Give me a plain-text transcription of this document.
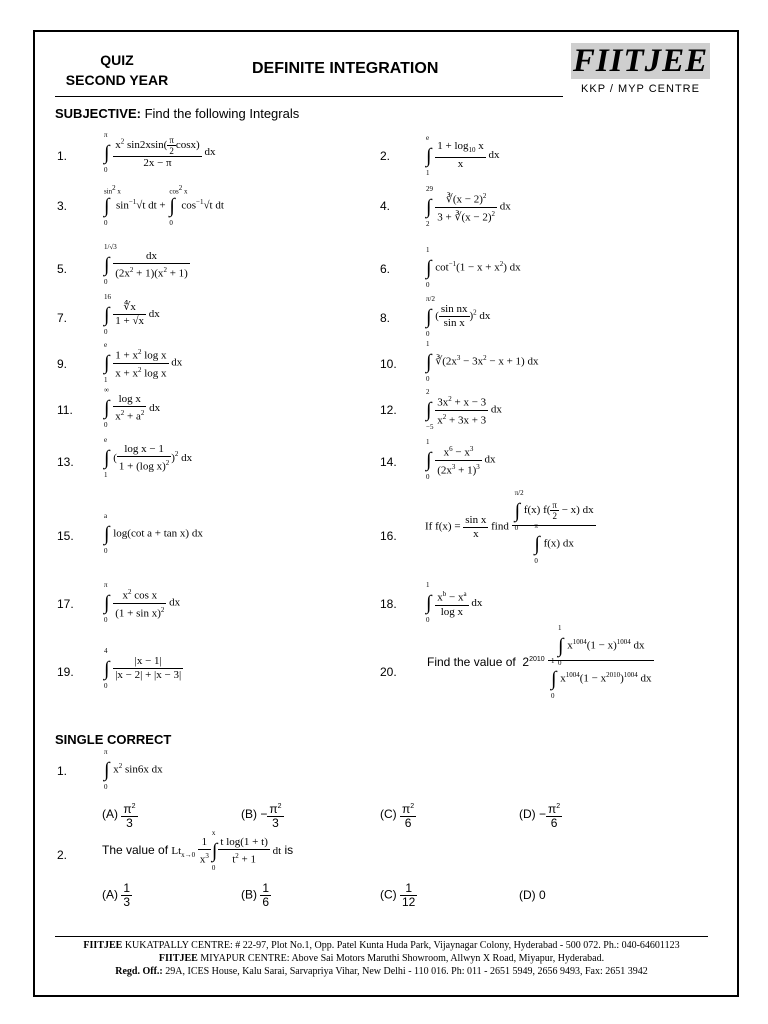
QUIZ
SECOND YEAR
DEFINITE INTEGRATION	FIITJEE
KKP / MYP CENTRE
SUBJECTIVE: Find the following Integrals
1. ∫
π
0
$\frac{x^2 \sin 2xsin( \frac{\pi}{2} \cos x)}{2x - \pi}$ dx	2. ∫
e
1

$\frac{1 + \log_{10} x}{x}$ dx
3. ∫
$\sin^2 x$
0
$\sin^{-1}√t$ dt + ∫
$\cos^2 x$
0
$\cos^{-1}√t$ dt	4. ∫
29
2
$\frac{∛(x - 2)^2}{3 + ∛(x - 2)^2}$ dx
5. ∫
1/√3
0

$\frac{dx}{(2x^2 + 1)(x^2 + 1)}$	6. ∫
1
0
$\cot^{-1}(1 - x + x^2)$ dx
7. ∫
16
0

$\frac{∜x}{1 + √x}$ dx	8. ∫
π/2
0
( $\frac{\text{sin nx}}{\text{sin x}} )^2$ dx
9. ∫
e
1
$\frac{1 + x^2 \log x}{x + x^2 \log x}$ dx	10. ∫
1
0
$∛(2x^3 - 3x^2 - x + 1)$ dx
11. ∫
∞
0

$\frac{\text{log x}}{x^2 + a^2}$ dx	12. ∫
2
−5
$\frac{3x^2 + x - 3}{x^2 + 3x + 3}$ dx
13. ∫
e
1
( $\frac{\text{log x − 1}}{1 + (\log x)^2} )^2$ dx	14. ∫
1
0
$\frac{x^6 - x^3}{(2x^3 + 1)^3}$ dx
15. ∫
a
0
log(cot a + tan x) dx	16.
If $f(x) = \frac{\text{sin x}}{x}$ find ∫
π/2
0
f(x) $f( \frac{\pi}{2} - x)$ dx
∫
π
0
f(x) dx
17. ∫
π
0
$\frac{x^2 \cos x}{(1 + \sin x)^2}$ dx	18. ∫
1
0

$\frac{x^b - x^a}{\text{log x}}$ dx
19. ∫
4
0

$\frac{|x - 1|}{|x - 2| + |x - 3|}$	20.
Find the value of  $2^{2010}$ ∫
1
0
$x^{1004}(1 - x)^{1004}$ dx
∫
1
0
$x^{1004}(1 - x^{2010})^{1004}$ dx
SINGLE CORRECT
1. ∫
π
0
$x^2$ sin6x dx
$(A) \frac{\pi^2}{3}$	$(B) - \frac{\pi^2}{3}$	$(C) \frac{\pi^2}{6}$	$(D) - \frac{\pi^2}{6}$
2.	The value of $Lt_{x\to 0} \frac{1}{x^3}$ ∫
x
0
$\frac{\text{t log(1 + t)}}{t^2 + 1}$ dt is
$(A) \frac{1}{3}$	$(B) \frac{1}{6}$	$(C) \frac{1}{12}$	(D) 0
FIITJEE KUKATPALLY CENTRE: # 22-97, Plot No.1, Opp. Patel Kunta Huda Park, Vijaynagar Colony, Hyderabad - 500 072. Ph.: 040-64601123
FIITJEE MIYAPUR CENTRE: Above Sai Motors Maruthi Showroom, Allwyn X Road, Miyapur, Hyderabad.
Regd. Off.: 29A, ICES House, Kalu Sarai, Sarvapriya Vihar, New Delhi - 110 016. Ph: 011 - 2651 5949, 2656 9493, Fax: 2651 3942
